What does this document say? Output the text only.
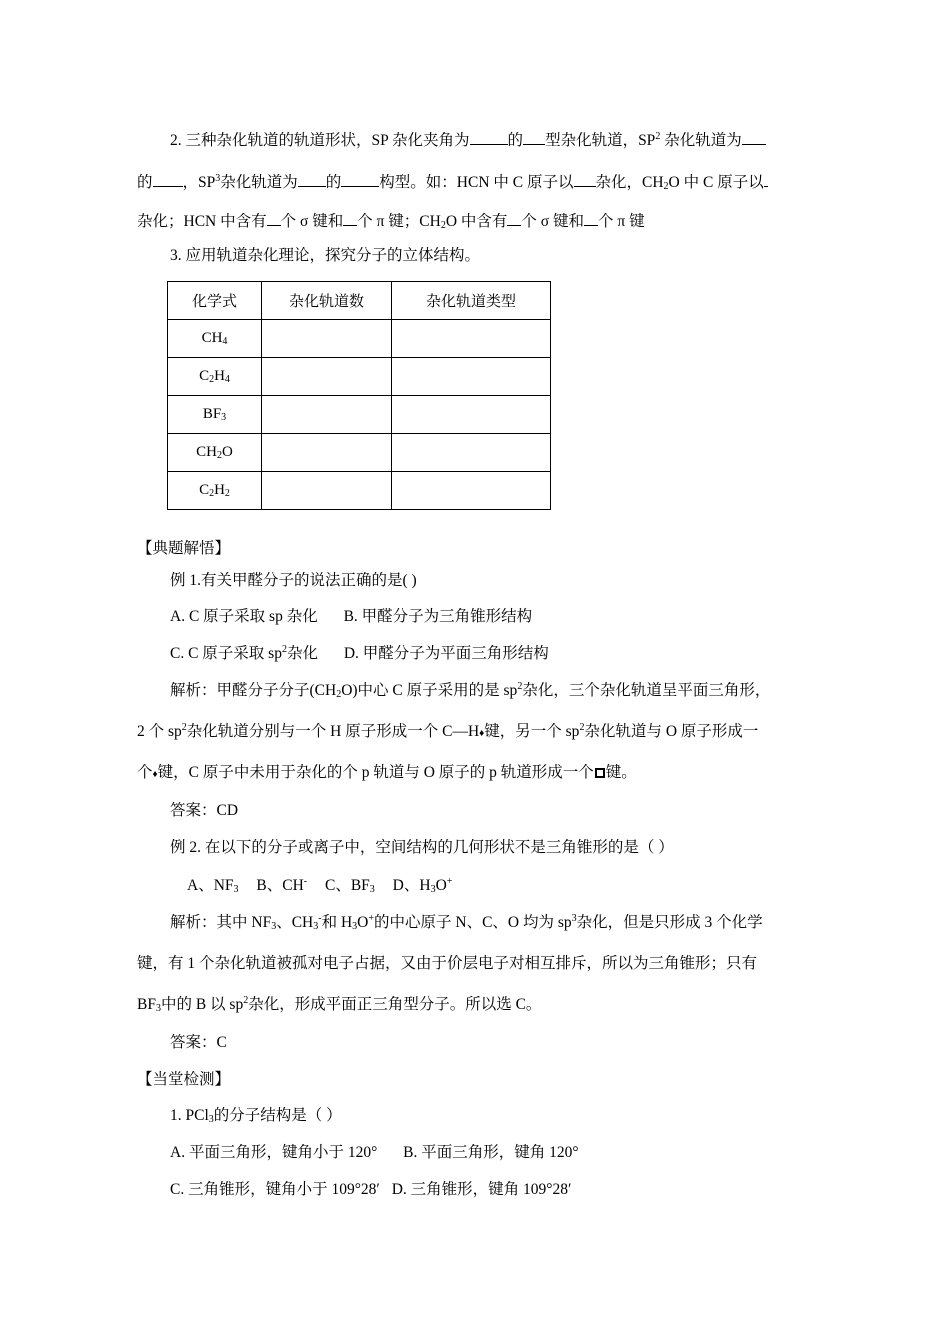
2. 三种杂化轨道的轨道形状，SP 杂化夹角为 的 型杂化轨道，$SP^2$ 杂化轨道为
的 ，$SP^3$杂化轨道为 的 构型。如：HCN 中 C 原子以 杂化，$CH_2O$ 中 C 原子以
杂化；HCN 中含有 个 σ 键和 个 π 键；$CH_2O$ 中含有 个 σ 键和 个 π 键
3. 应用轨道杂化理论，探究分子的立体结构。
化学式	杂化轨道数	杂化轨道类型
$CH_4$		
$C_2H_4$		
$BF_3$		
$CH_2O$		
$C_2H_2$		
【典题解悟】
例 1.有关甲醛分子的说法正确的是( )
A. C 原子采取 sp 杂化 B. 甲醛分子为三角锥形结构
C. C 原子采取 $sp^2$杂化 D. 甲醛分子为平面三角形结构
解析：甲醛分子分子$(CH_2O)$中心 C 原子采用的是 $sp^2$杂化，三个杂化轨道呈平面三角形，
2 个 $sp^2$杂化轨道分别与一个 H 原子形成一个 C—H♦键，另一个 $sp^2$杂化轨道与 O 原子形成一
个♦键，C 原子中未用于杂化的个 p 轨道与 O 原子的 p 轨道形成一个 键。
答案：CD
例 2. 在以下的分子或离子中，空间结构的几何形状不是三角锥形的是（ ）
A、$NF_3$ B、CH- C、$BF_3$ D、$H_3O^+$
解析：其中 $NF_3$、$CH_3^-$和 $H_3O^+$的中心原子 N、C、O 均为 $sp^3$杂化，但是只形成 3 个化学
键，有 1 个杂化轨道被孤对电子占据，又由于价层电子对相互排斥，所以为三角锥形；只有
$BF_3$中的 B 以 $sp^2$杂化，形成平面正三角型分子。所以选 C。
答案：C
【当堂检测】
1. PCl$_3$的分子结构是（ ）
A. 平面三角形，键角小于 120° B. 平面三角形，键角 120°
C. 三角锥形，键角小于 109°28′ D. 三角锥形，键角 109°28′
